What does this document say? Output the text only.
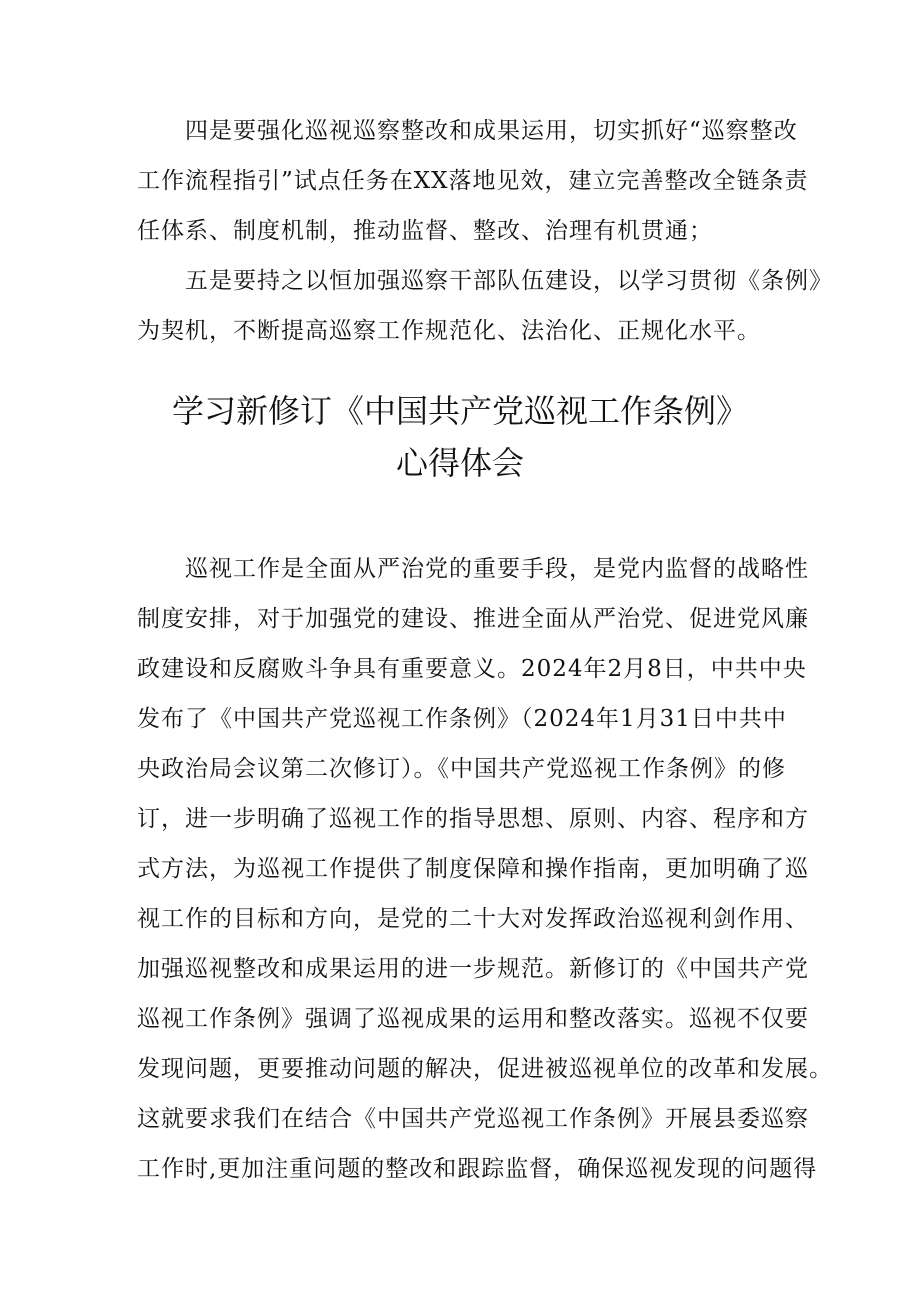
　　四是要强化巡视巡察整改和成果运用，切实抓好“巡察整改
工作流程指引”试点任务在XX落地见效，建立完善整改全链条责
任体系、制度机制，推动监督、整改、治理有机贯通；
　　五是要持之以恒加强巡察干部队伍建设，以学习贯彻《条例》
为契机，不断提高巡察工作规范化、法治化、正规化水平。
学习新修订《中国共产党巡视工作条例》
心得体会
　　巡视工作是全面从严治党的重要手段，是党内监督的战略性
制度安排，对于加强党的建设、推进全面从严治党、促进党风廉
政建设和反腐败斗争具有重要意义。2024年2月8日，中共中央
发布了《中国共产党巡视工作条例》（2024年1月31日中共中
央政治局会议第二次修订）。《中国共产党巡视工作条例》的修
订，进一步明确了巡视工作的指导思想、原则、内容、程序和方
式方法，为巡视工作提供了制度保障和操作指南，更加明确了巡
视工作的目标和方向，是党的二十大对发挥政治巡视利剑作用、
加强巡视整改和成果运用的进一步规范。新修订的《中国共产党
巡视工作条例》强调了巡视成果的运用和整改落实。巡视不仅要
发现问题，更要推动问题的解决，促进被巡视单位的改革和发展。
这就要求我们在结合《中国共产党巡视工作条例》开展县委巡察
工作时,更加注重问题的整改和跟踪监督，确保巡视发现的问题得
